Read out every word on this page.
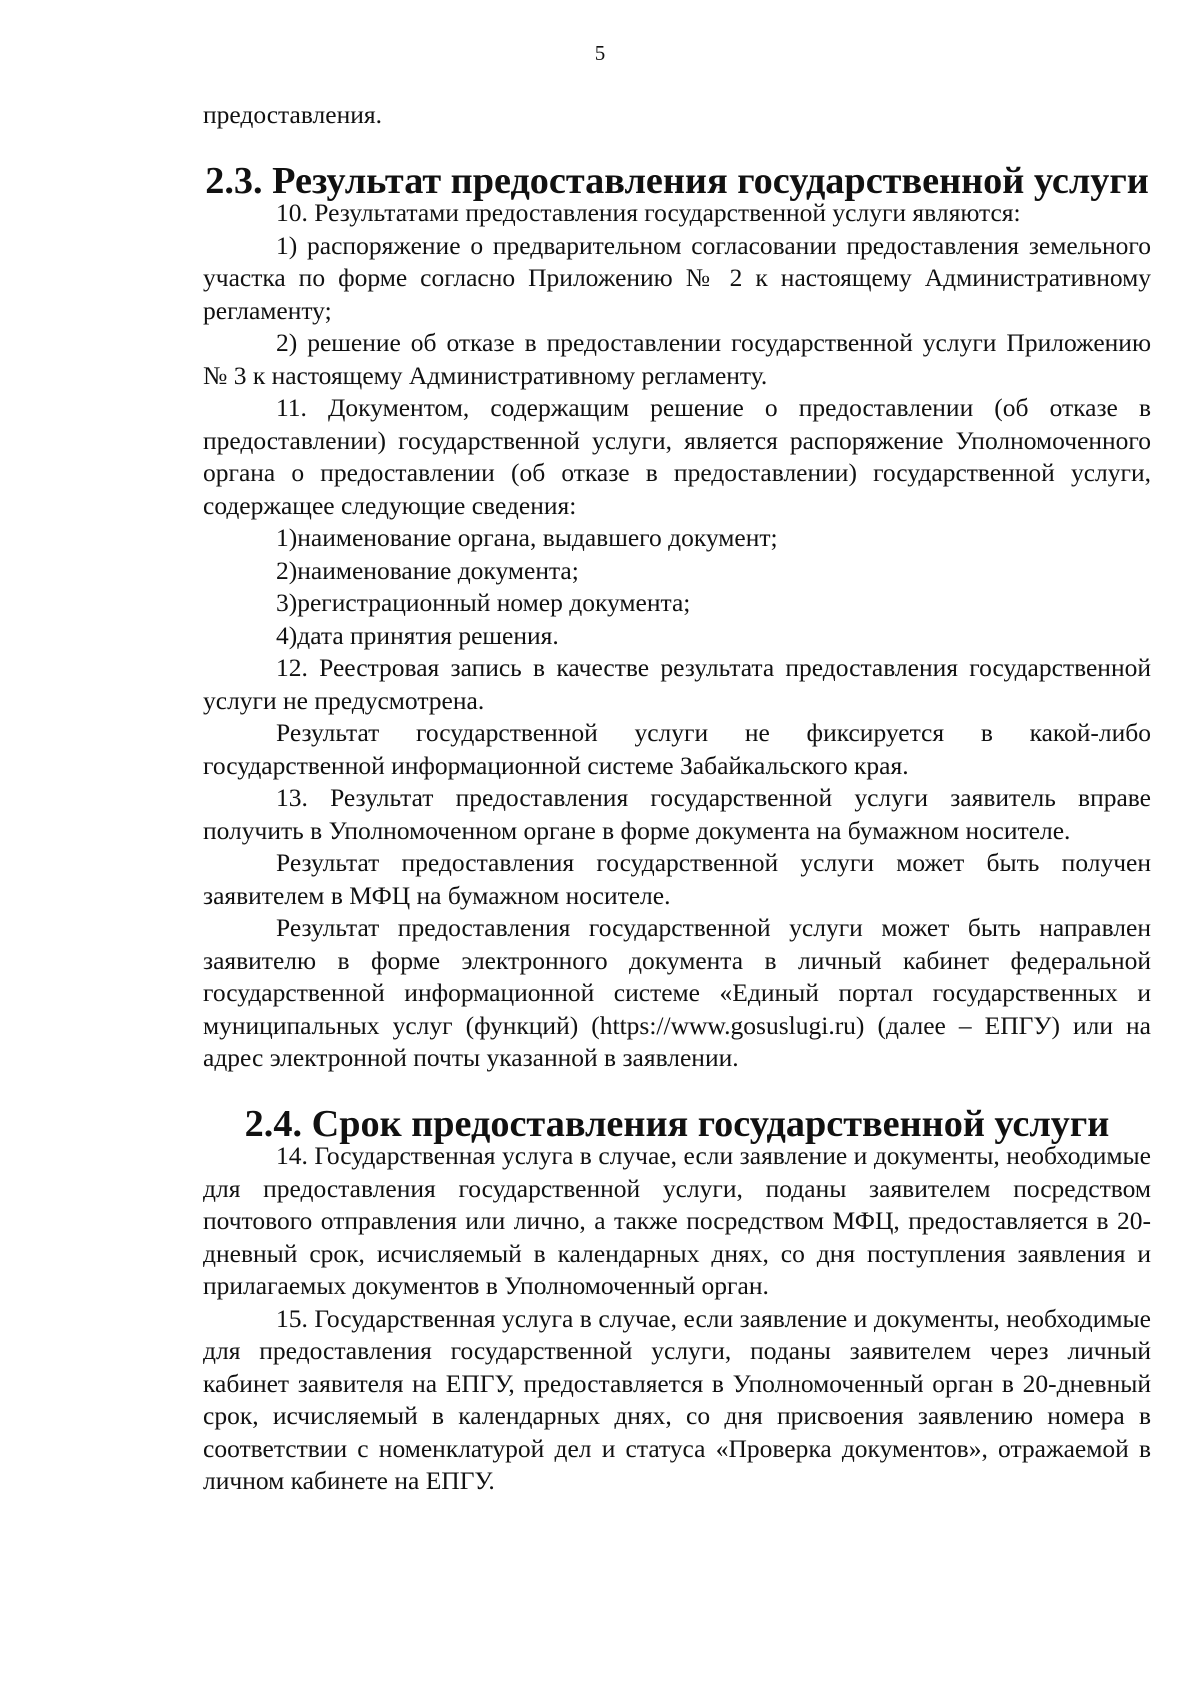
5

предоставления.

2.3. Результат предоставления государственной услуги

10. Результатами предоставления государственной услуги являются:

1) распоряжение о предварительном согласовании предоставления земельного участка по форме согласно Приложению № 2 к настоящему Административному регламенту;

2) решение об отказе в предоставлении государственной услуги Приложению № 3 к настоящему Административному регламенту.

11. Документом, содержащим решение о предоставлении (об отказе в предоставлении) государственной услуги, является распоряжение Уполномоченного органа о предоставлении (об отказе в предоставлении) государственной услуги, содержащее следующие сведения:

1)наименование органа, выдавшего документ;

2)наименование документа;

3)регистрационный номер документа;

4)дата принятия решения.

12. Реестровая запись в качестве результата предоставления государственной услуги не предусмотрена.

Результат государственной услуги не фиксируется в какой-либо государственной информационной системе Забайкальского края.

13. Результат предоставления государственной услуги заявитель вправе получить в Уполномоченном органе в форме документа на бумажном носителе.

Результат предоставления государственной услуги может быть получен заявителем в МФЦ на бумажном носителе.

Результат предоставления государственной услуги может быть направлен заявителю в форме электронного документа в личный кабинет федеральной государственной информационной системе «Единый портал государственных и муниципальных услуг (функций) (https://www.gosuslugi.ru) (далее – ЕПГУ) или на адрес электронной почты указанной в заявлении.

2.4. Срок предоставления государственной услуги

14. Государственная услуга в случае, если заявление и документы, необходимые для предоставления государственной услуги, поданы заявителем посредством почтового отправления или лично, а также посредством МФЦ, предоставляется в 20-дневный срок, исчисляемый в календарных днях, со дня поступления заявления и прилагаемых документов в Уполномоченный орган.

15. Государственная услуга в случае, если заявление и документы, необходимые для предоставления государственной услуги, поданы заявителем через личный кабинет заявителя на ЕПГУ, предоставляется в Уполномоченный орган в 20-дневный срок, исчисляемый в календарных днях, со дня присвоения заявлению номера в соответствии с номенклатурой дел и статуса «Проверка документов», отражаемой в личном кабинете на ЕПГУ.
